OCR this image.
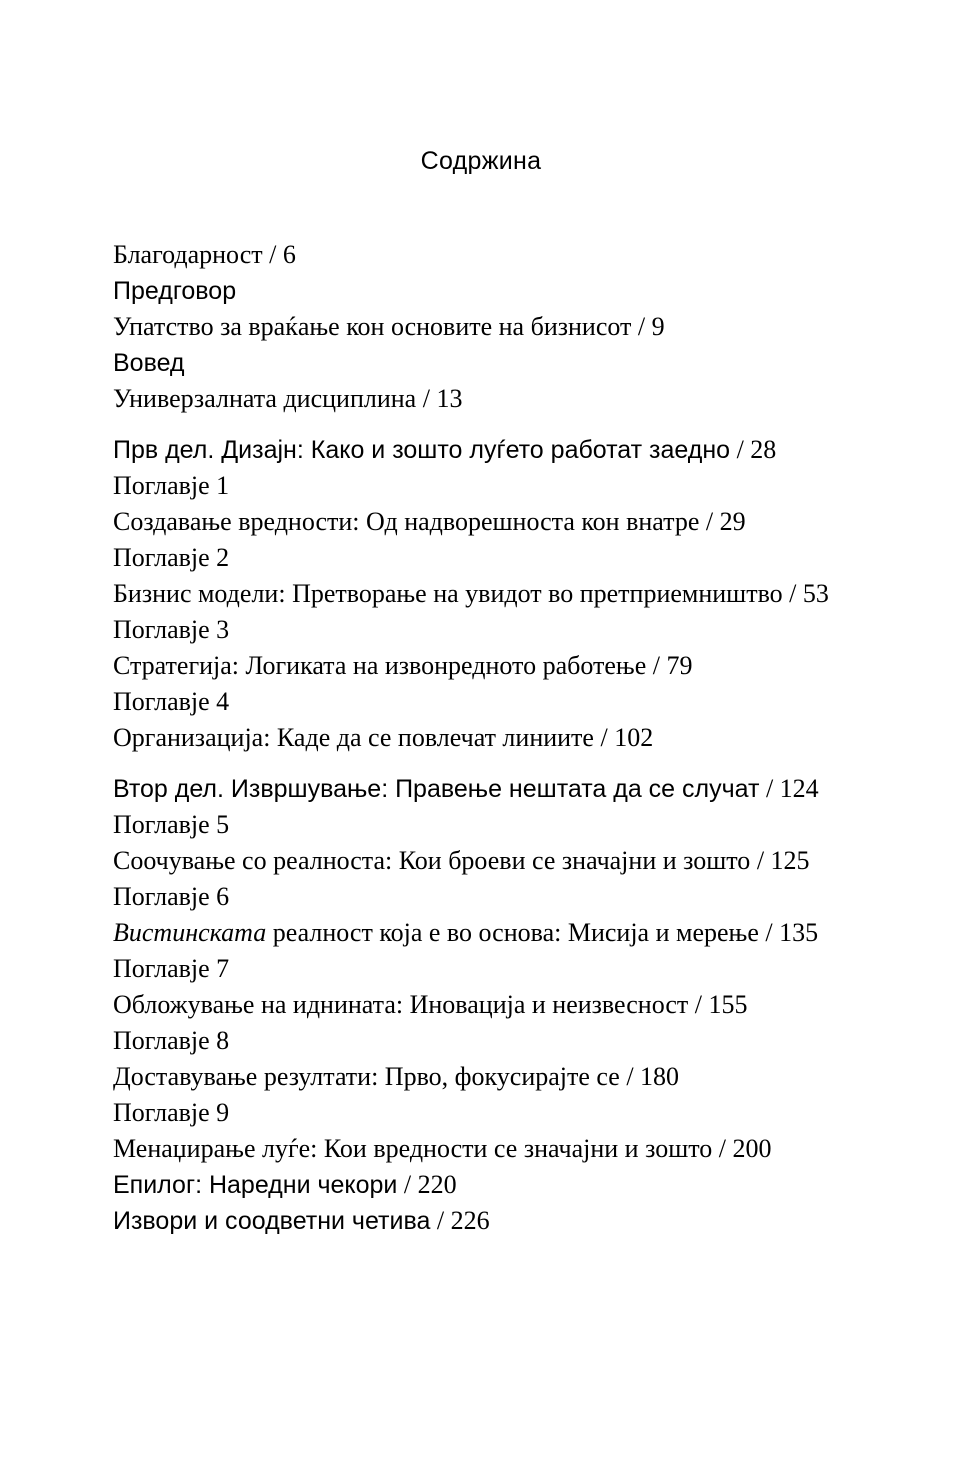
Содржина
Благодарност / 6
Предговор
Упатство за враќање кон основите на бизнисот / 9
Вовед
Универзалната дисциплина / 13
Прв дел. Дизајн: Како и зошто луѓето работат заедно / 28
Поглавје 1
Создавање вредности: Од надворешноста кон внатре / 29
Поглавје 2
Бизнис модели: Претворање на увидот во претприемништво / 53
Поглавје 3
Стратегија: Логиката на извонредното работење / 79
Поглавје 4
Организација: Каде да се повлечат линиите / 102
Втор дел. Извршување: Правење нештата да се случат / 124
Поглавје 5
Соочување со реалноста: Кои броеви се значајни и зошто / 125
Поглавје 6
Вистинската реалност која е во основа: Мисија и мерење / 135
Поглавје 7
Обложување на иднината: Иновација и неизвесност / 155
Поглавје 8
Доставување резултати: Прво, фокусирајте се / 180
Поглавје 9
Менаџирање луѓе: Кои вредности се значајни и зошто / 200
Епилог: Наредни чекори / 220
Извори и соодветни четива / 226
